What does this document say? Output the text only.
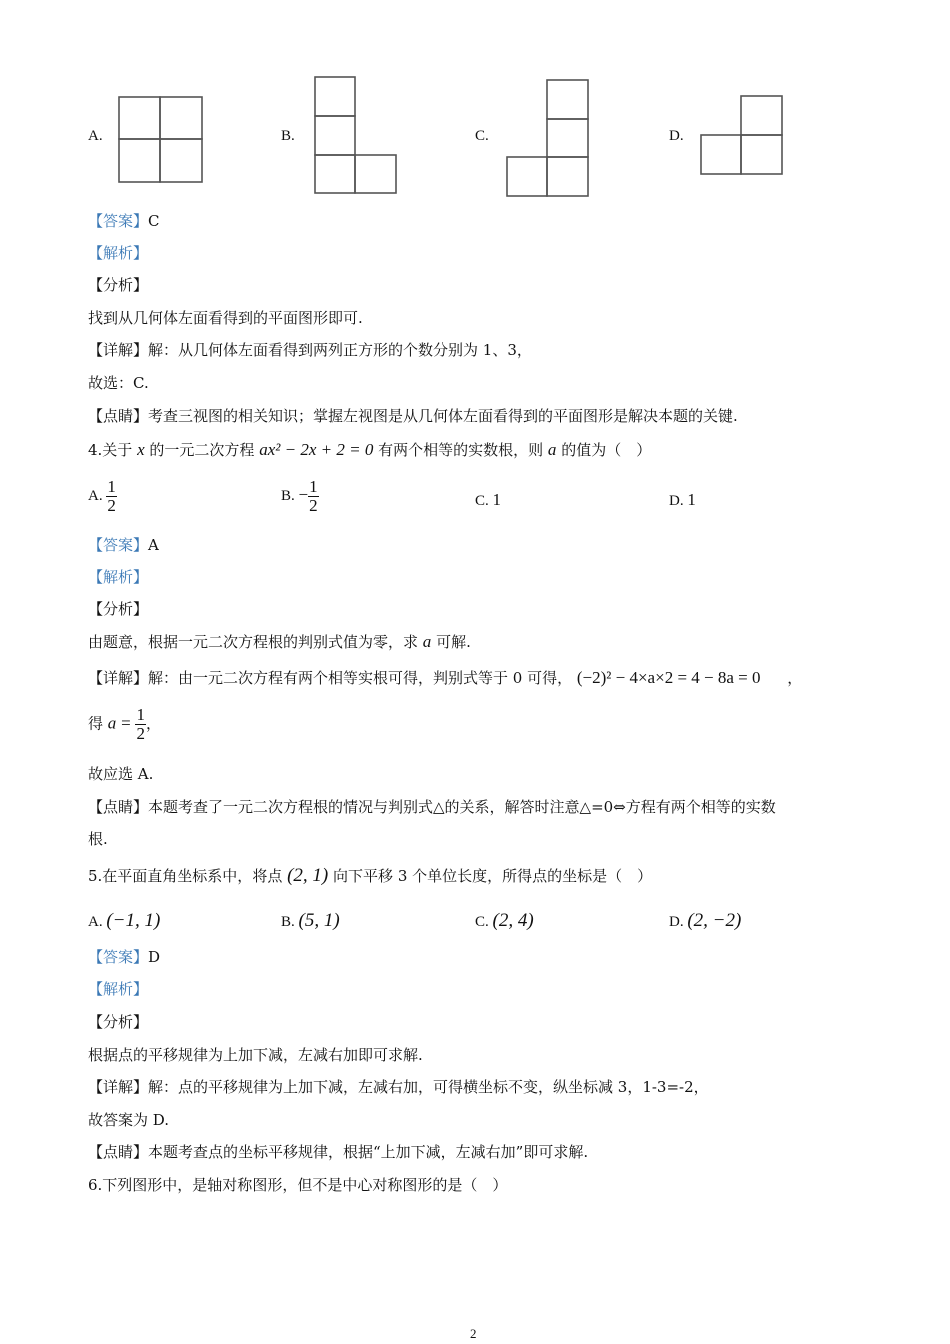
A.	B.	C.	D.
【答案】C
【解析】
【分析】
找到从几何体左面看得到的平面图形即可.
【详解】解：从几何体左面看得到两列正方形的个数分别为 1、3，
故选：C.
【点睛】考查三视图的相关知识；掌握左视图是从几何体左面看得到的平面图形是解决本题的关键.
4.关于 x 的一元二次方程 ax² − 2x + 2 = 0 有两个相等的实数根，则 a 的值为（　）
A. $\frac{1}{2}$	B. − $\frac{1}{2}$	C. 1	D. 1
【答案】A
【解析】
【分析】
由题意，根据一元二次方程根的判别式值为零，求 a 可解.
【详解】解：由一元二次方程有两个相等实根可得，判别式等于 0 可得， (−2)² − 4×a×2 = 4 − 8a = 0 ，
得 $a = \frac{1}{2}$ ，
故应选 A.
【点睛】本题考查了一元二次方程根的情况与判别式△的关系，解答时注意△=0⇔方程有两个相等的实数
根.
5.在平面直角坐标系中，将点 (2, 1) 向下平移 3 个单位长度，所得点的坐标是（　）
A. (−1, 1)	B. (5, 1)	C. (2, 4)	D. (2, −2)
【答案】D
【解析】
【分析】
根据点的平移规律为上加下减，左减右加即可求解.
【详解】解：点的平移规律为上加下减，左减右加，可得横坐标不变，纵坐标减 3，1-3=-2，
故答案为 D.
【点睛】本题考查点的坐标平移规律，根据“上加下减，左减右加”即可求解.
6.下列图形中，是轴对称图形，但不是中心对称图形的是（　）
2
